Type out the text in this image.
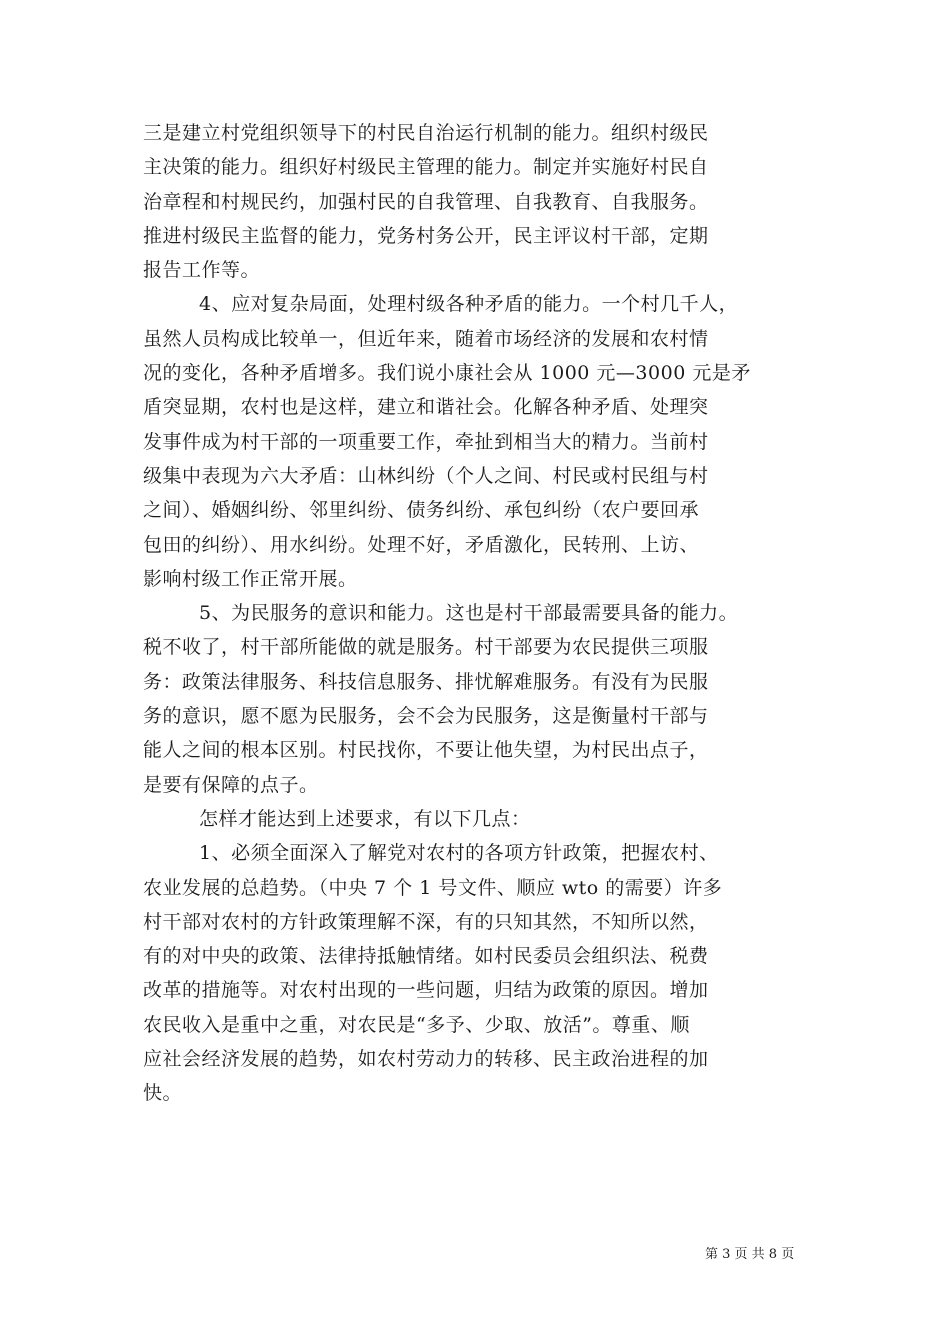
三是建立村党组织领导下的村民自治运行机制的能力。组织村级民
主决策的能力。组织好村级民主管理的能力。制定并实施好村民自
治章程和村规民约，加强村民的自我管理、自我教育、自我服务。
推进村级民主监督的能力，党务村务公开，民主评议村干部，定期
报告工作等。
4、应对复杂局面，处理村级各种矛盾的能力。一个村几千人，
虽然人员构成比较单一，但近年来，随着市场经济的发展和农村情
况的变化，各种矛盾增多。我们说小康社会从 1000 元—3000 元是矛
盾突显期，农村也是这样，建立和谐社会。化解各种矛盾、处理突
发事件成为村干部的一项重要工作，牵扯到相当大的精力。当前村
级集中表现为六大矛盾：山林纠纷（个人之间、村民或村民组与村
之间）、婚姻纠纷、邻里纠纷、债务纠纷、承包纠纷（农户要回承
包田的纠纷）、用水纠纷。处理不好，矛盾激化，民转刑、上访、
影响村级工作正常开展。
5、为民服务的意识和能力。这也是村干部最需要具备的能力。
税不收了，村干部所能做的就是服务。村干部要为农民提供三项服
务：政策法律服务、科技信息服务、排忧解难服务。有没有为民服
务的意识，愿不愿为民服务，会不会为民服务，这是衡量村干部与
能人之间的根本区别。村民找你，不要让他失望，为村民出点子，
是要有保障的点子。
怎样才能达到上述要求，有以下几点：
1、必须全面深入了解党对农村的各项方针政策，把握农村、
农业发展的总趋势。（中央 7 个 1 号文件、顺应 wto 的需要）许多
村干部对农村的方针政策理解不深，有的只知其然，不知所以然，
有的对中央的政策、法律持抵触情绪。如村民委员会组织法、税费
改革的措施等。对农村出现的一些问题，归结为政策的原因。增加
农民收入是重中之重，对农民是“多予、少取、放活”。尊重、顺
应社会经济发展的趋势，如农村劳动力的转移、民主政治进程的加
快。
第 3 页 共 8 页
